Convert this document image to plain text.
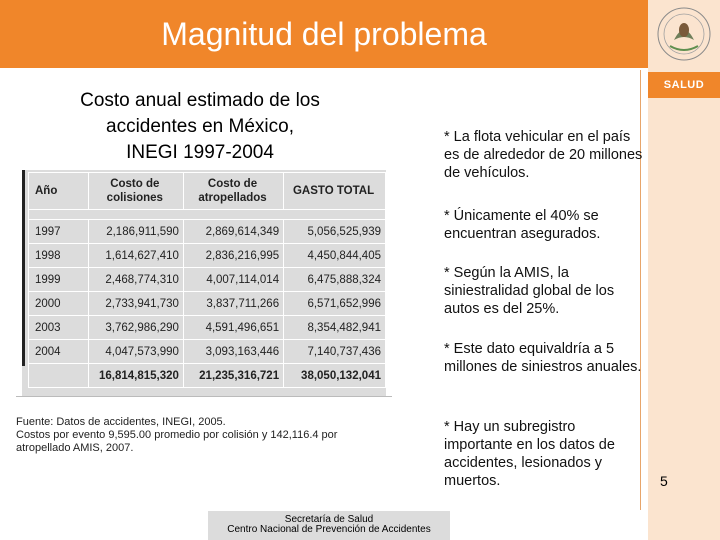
Magnitud del problema
SALUD
Costo anual estimado de los
accidentes en México,
INEGI 1997-2004
Año	Costo de colisiones	Costo de atropellados	GASTO TOTAL

1997	2,186,911,590	2,869,614,349	5,056,525,939
1998	1,614,627,410	2,836,216,995	4,450,844,405
1999	2,468,774,310	4,007,114,014	6,475,888,324
2000	2,733,941,730	3,837,711,266	6,571,652,996
2003	3,762,986,290	4,591,496,651	8,354,482,941
2004	4,047,573,990	3,093,163,446	7,140,737,436
	16,814,815,320	21,235,316,721	38,050,132,041
Fuente: Datos de accidentes, INEGI, 2005.
Costos por evento 9,595.00 promedio por colisión y 142,116.4 por
atropellado AMIS, 2007.
* La flota vehicular en el país es de alrededor de 20 millones de vehículos.
* Únicamente el 40% se encuentran asegurados.
* Según la AMIS, la siniestralidad global de los autos es del 25%.
* Este dato equivaldría a 5 millones de siniestros anuales.
* Hay un subregistro importante en los datos de accidentes, lesionados y muertos.	5
Secretaría de Salud
Centro Nacional de Prevención de Accidentes
